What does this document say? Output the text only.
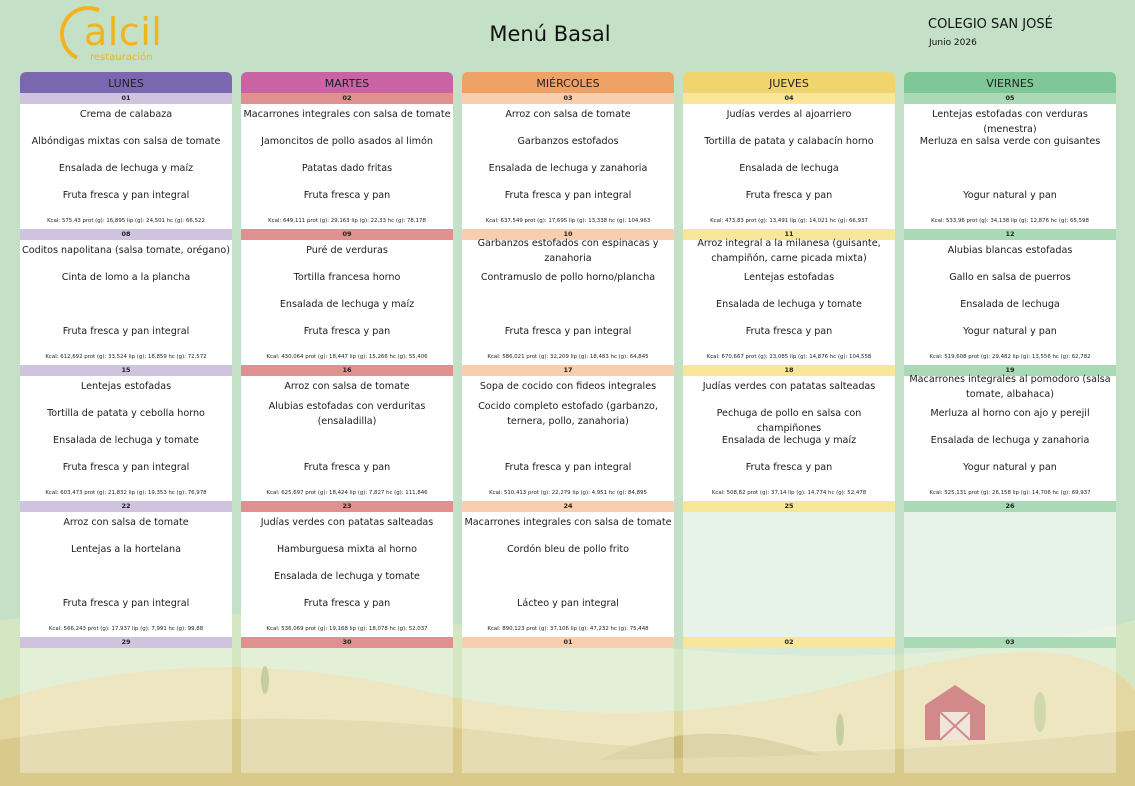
alcil
restauración
Menú Basal	COLEGIO SAN JOSÉ
Junio 2026
LUNES
01
Crema de calabaza
Albóndigas mixtas con salsa de tomate
Ensalada de lechuga y maíz
Fruta fresca y pan integral
Kcal: 575,43 prot (g): 16,895 lip (g): 24,501 hc (g): 66,522
08
Coditos napolitana (salsa tomate, orégano)
Cinta de lomo a la plancha
Fruta fresca y pan integral
Kcal: 612,692 prot (g): 33,524 lip (g): 18,859 hc (g): 72,572
15
Lentejas estofadas
Tortilla de patata y cebolla horno
Ensalada de lechuga y tomate
Fruta fresca y pan integral
Kcal: 603,473 prot (g): 21,832 lip (g): 19,353 hc (g): 76,978
22
Arroz con salsa de tomate
Lentejas a la hortelana
Fruta fresca y pan integral
Kcal: 566,243 prot (g): 17,937 lip (g): 7,991 hc (g): 99,88
29
MARTES
02
Macarrones integrales con salsa de tomate
Jamoncitos de pollo asados al limón
Patatas dado fritas
Fruta fresca y pan
Kcal: 649,111 prot (g): 29,163 lip (g): 22,33 hc (g): 78,178
09
Puré de verduras
Tortilla francesa horno
Ensalada de lechuga y maíz
Fruta fresca y pan
Kcal: 430,064 prot (g): 18,447 lip (g): 15,266 hc (g): 55,406
16
Arroz con salsa de tomate
Alubias estofadas con verduritas (ensaladilla)
Fruta fresca y pan
Kcal: 625,697 prot (g): 18,424 lip (g): 7,827 hc (g): 111,846
23
Judías verdes con patatas salteadas
Hamburguesa mixta al horno
Ensalada de lechuga y tomate
Fruta fresca y pan
Kcal: 536,069 prot (g): 19,168 lip (g): 18,078 hc (g): 52,037
30
MIÉRCOLES
03
Arroz con salsa de tomate
Garbanzos estofados
Ensalada de lechuga y zanahoria
Fruta fresca y pan integral
Kcal: 637,549 prot (g): 17,695 lip (g): 13,338 hc (g): 104,963
10
Garbanzos estofados con espinacas y zanahoria
Contramuslo de pollo horno/plancha
Fruta fresca y pan integral
Kcal: 586,021 prot (g): 32,209 lip (g): 18,483 hc (g): 64,845
17
Sopa de cocido con fideos integrales
Cocido completo estofado (garbanzo, ternera, pollo, zanahoria)
Fruta fresca y pan integral
Kcal: 510,413 prot (g): 22,279 lip (g): 4,951 hc (g): 84,895
24
Macarrones integrales con salsa de tomate
Cordón bleu de pollo frito
Lácteo y pan integral
Kcal: 890,123 prot (g): 37,106 lip (g): 47,232 hc (g): 75,448
01
JUEVES
04
Judías verdes al ajoarriero
Tortilla de patata y calabacín horno
Ensalada de lechuga
Fruta fresca y pan
Kcal: 473,83 prot (g): 13,491 lip (g): 14,021 hc (g): 66,937
11
Arroz integral a la milanesa (guisante, champiñón, carne picada mixta)
Lentejas estofadas
Ensalada de lechuga y tomate
Fruta fresca y pan
Kcal: 670,667 prot (g): 23,085 lip (g): 14,876 hc (g): 104,558
18
Judías verdes con patatas salteadas
Pechuga de pollo en salsa con champiñones
Ensalada de lechuga y maíz
Fruta fresca y pan
Kcal: 508,82 prot (g): 37,14 lip (g): 14,774 hc (g): 52,478
25
02
VIERNES
05
Lentejas estofadas con verduras (menestra)
Merluza en salsa verde con guisantes
Yogur natural y pan
Kcal: 533,96 prot (g): 34,138 lip (g): 12,876 hc (g): 65,598
12
Alubias blancas estofadas
Gallo en salsa de puerros
Ensalada de lechuga
Yogur natural y pan
Kcal: 519,608 prot (g): 29,482 lip (g): 13,556 hc (g): 62,782
19
Macarrones integrales al pomodoro (salsa tomate, albahaca)
Merluza al horno con ajo y perejil
Ensalada de lechuga y zanahoria
Yogur natural y pan
Kcal: 525,131 prot (g): 26,158 lip (g): 14,706 hc (g): 69,937
26
03
